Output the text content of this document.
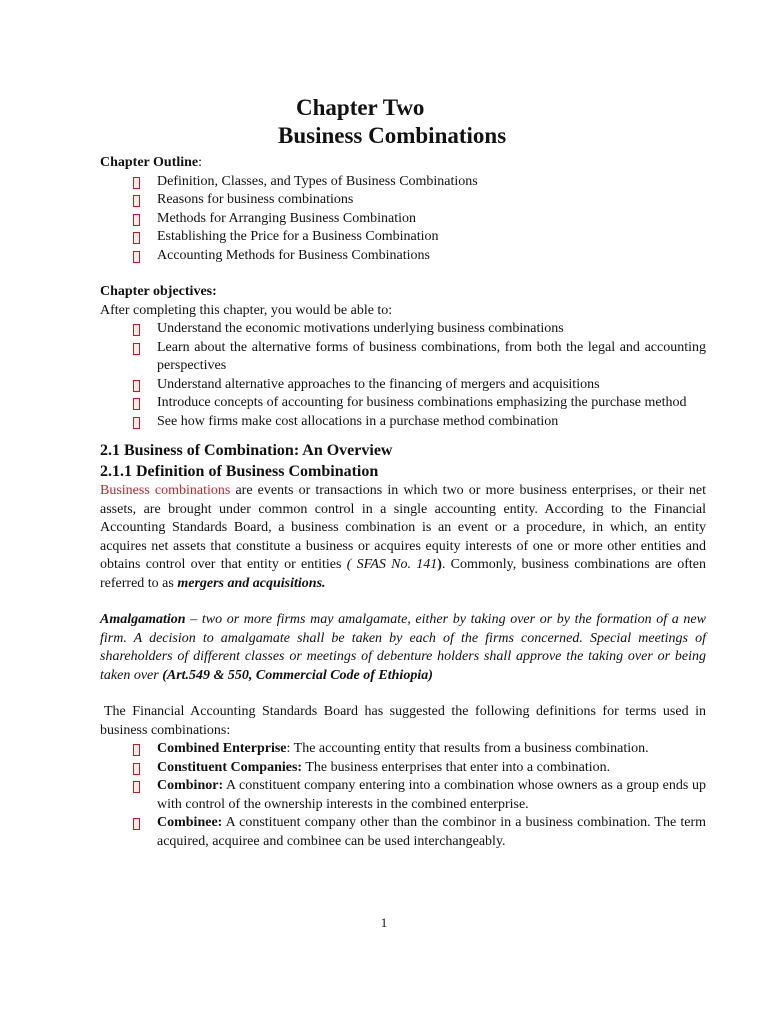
Chapter Two
Business Combinations
Chapter Outline:
Definition, Classes, and Types of Business Combinations
Reasons for business combinations
Methods for Arranging Business Combination
Establishing the Price for a Business Combination
Accounting Methods for Business Combinations
Chapter objectives:
After completing this chapter, you would be able to:
Understand the economic motivations underlying business combinations
Learn about the alternative forms of business combinations, from both the legal and accounting perspectives
Understand alternative approaches to the financing of mergers and acquisitions
Introduce concepts of accounting for business combinations emphasizing the purchase method
See how firms make cost allocations in a purchase method combination
2.1 Business of Combination: An Overview
2.1.1 Definition of Business Combination

Business combinations are events or transactions in which two or more business enterprises, or their net assets, are brought under common control in a single accounting entity. According to the Financial Accounting Standards Board, a business combination is an event or a procedure, in which, an entity acquires net assets that constitute a business or acquires equity interests of one or more other entities and obtains control over that entity or entities ( SFAS No. 141). Commonly, business combinations are often referred to as mergers and acquisitions.

Amalgamation – two or more firms may amalgamate, either by taking over or by the formation of a new firm. A decision to amalgamate shall be taken by each of the firms concerned. Special meetings of shareholders of different classes or meetings of debenture holders shall approve the taking over or being taken over (Art.549 & 550, Commercial Code of Ethiopia)

The Financial Accounting Standards Board has suggested the following definitions for terms used in business combinations:

Combined Enterprise: The accounting entity that results from a business combination.
Constituent Companies: The business enterprises that enter into a combination.
Combinor: A constituent company entering into a combination whose owners as a group ends up with control of the ownership interests in the combined enterprise.
Combinee: A constituent company other than the combinor in a business combination. The term acquired, acquiree and combinee can be used interchangeably.
1
